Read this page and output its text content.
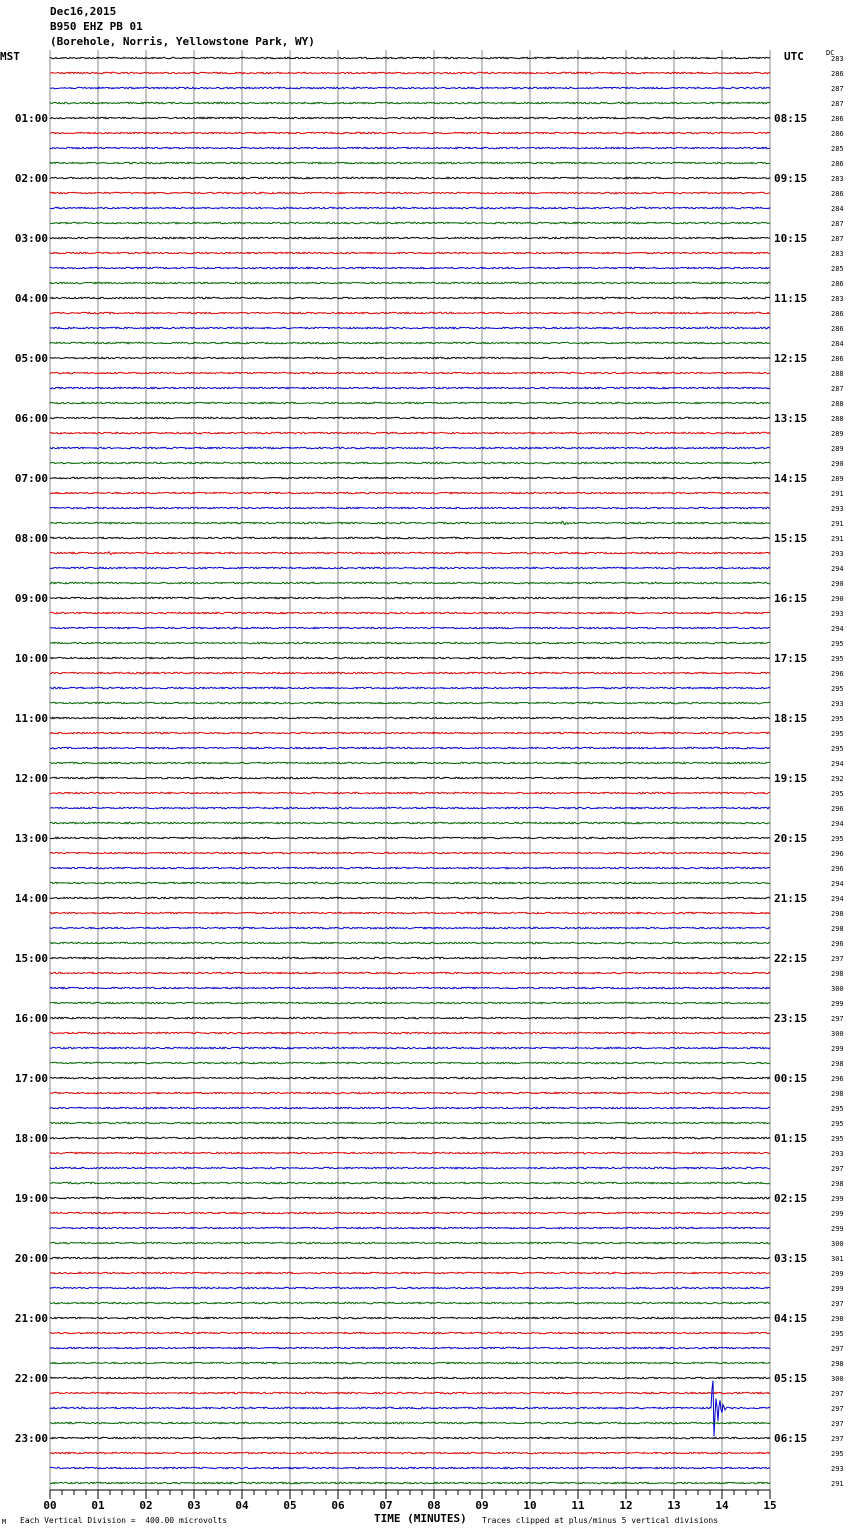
00	01	02	03	04	05	06	07	08	09	10	11	12	13	14	15
01:00
02:00
03:00
04:00
05:00
06:00
07:00
08:00
09:00
10:00
11:00
12:00
13:00
14:00
15:00
16:00
17:00
18:00
19:00
20:00
21:00
22:00
23:00
08:15
09:15
10:15
11:15
12:15
13:15
14:15
15:15
16:15
17:15
18:15
19:15
20:15
21:15
22:15
23:15
00:15
01:15
02:15
03:15
04:15
05:15
06:15
283
286
287
287
286
286
285
286
283
286
284
287
287
283
285
286
283
286
286
284
286
288
287
288
288
289
289
290
289
291
293
291
291
293
294
290
290
293
294
295
295
296
295
293
295
295
295
294
292
295
296
294
295
296
296
294
294
298
298
296
297
298
300
299
297
300
299
298
296
298
295
295
295
293
297
298
299
299
299
300
301
299
299
297
298
295
297
298
300
297
297
297
297
295
293
291
Dec16,2015
B950 EHZ PB 01
(Borehole, Norris, Yellowstone Park, WY)
MST	UTC	DC
M Each Vertical Division =  400.00 microvolts	TIME (MINUTES) Traces clipped at plus/minus 5 vertical divisions
